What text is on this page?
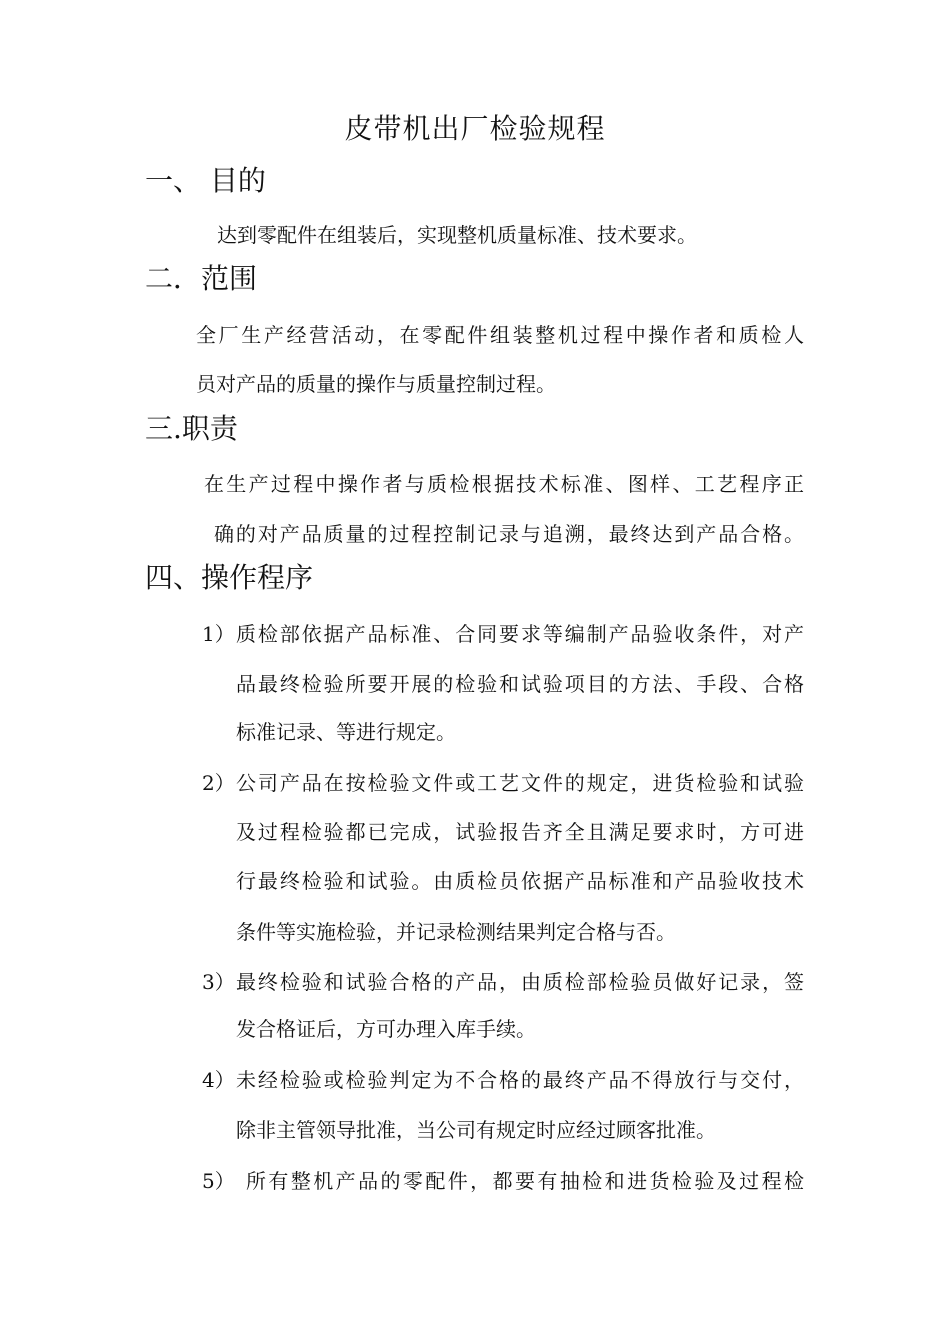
皮带机出厂检验规程
一、 目的
达到零配件在组装后，实现整机质量标准、技术要求。
二．范围
全厂生产经营活动，在零配件组装整机过程中操作者和质检人
员对产品的质量的操作与质量控制过程。
三.职责
在生产过程中操作者与质检根据技术标准、图样、工艺程序正
确的对产品质量的过程控制记录与追溯，最终达到产品合格。
四、操作程序
1） 质检部依据产品标准、合同要求等编制产品验收条件，对产
品最终检验所要开展的检验和试验项目的方法、手段、合格
标准记录、等进行规定。
2） 公司产品在按检验文件或工艺文件的规定，进货检验和试验
及过程检验都已完成，试验报告齐全且满足要求时，方可进
行最终检验和试验。由质检员依据产品标准和产品验收技术
条件等实施检验，并记录检测结果判定合格与否。
3） 最终检验和试验合格的产品，由质检部检验员做好记录，签
发合格证后，方可办理入库手续。
4） 未经检验或检验判定为不合格的最终产品不得放行与交付，
除非主管领导批准，当公司有规定时应经过顾客批准。
5） 所有整机产品的零配件，都要有抽检和进货检验及过程检
